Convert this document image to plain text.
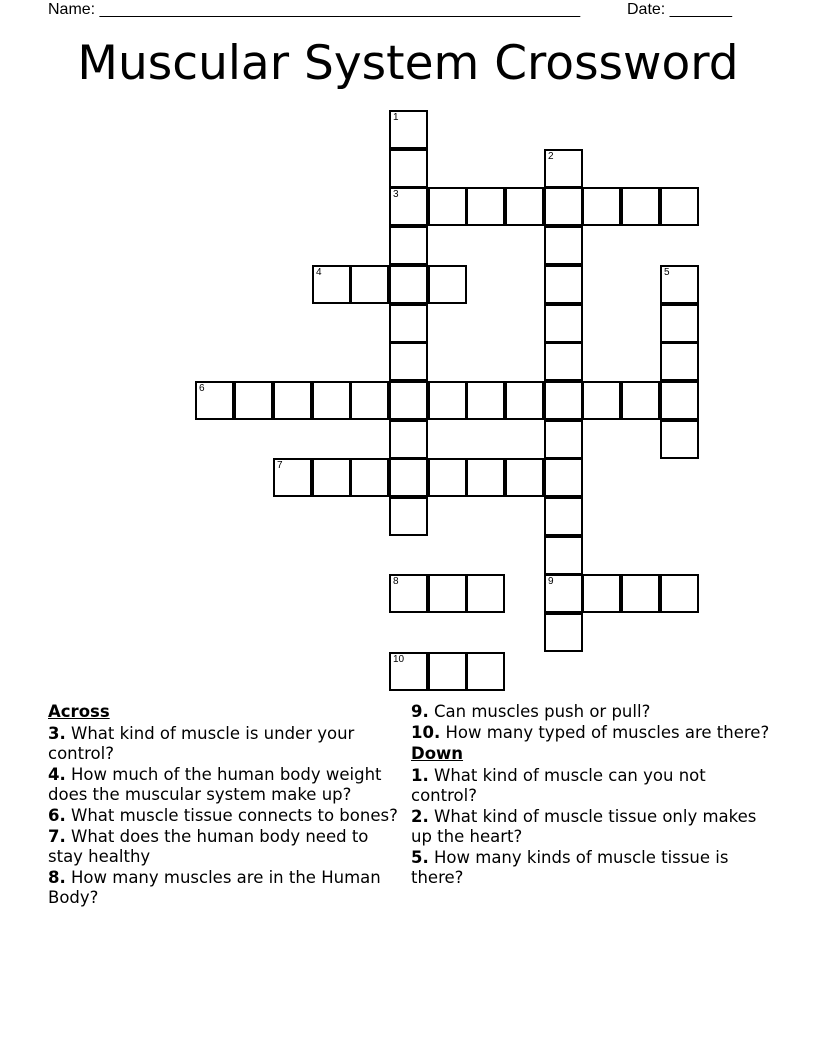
Name: ______________________________________________________	Date: _______
Muscular System Crossword
1
3
2
9
4	5
6
7
8
10
Across
3. What kind of muscle is under your control?
4. How much of the human body weight does the muscular system make up?
6. What muscle tissue connects to bones?
7. What does the human body need to stay healthy
8. How many muscles are in the Human Body?
9. Can muscles push or pull?
10. How many typed of muscles are there?
Down
1. What kind of muscle can you not control?
2. What kind of muscle tissue only makes up the heart?
5. How many kinds of muscle tissue is there?
